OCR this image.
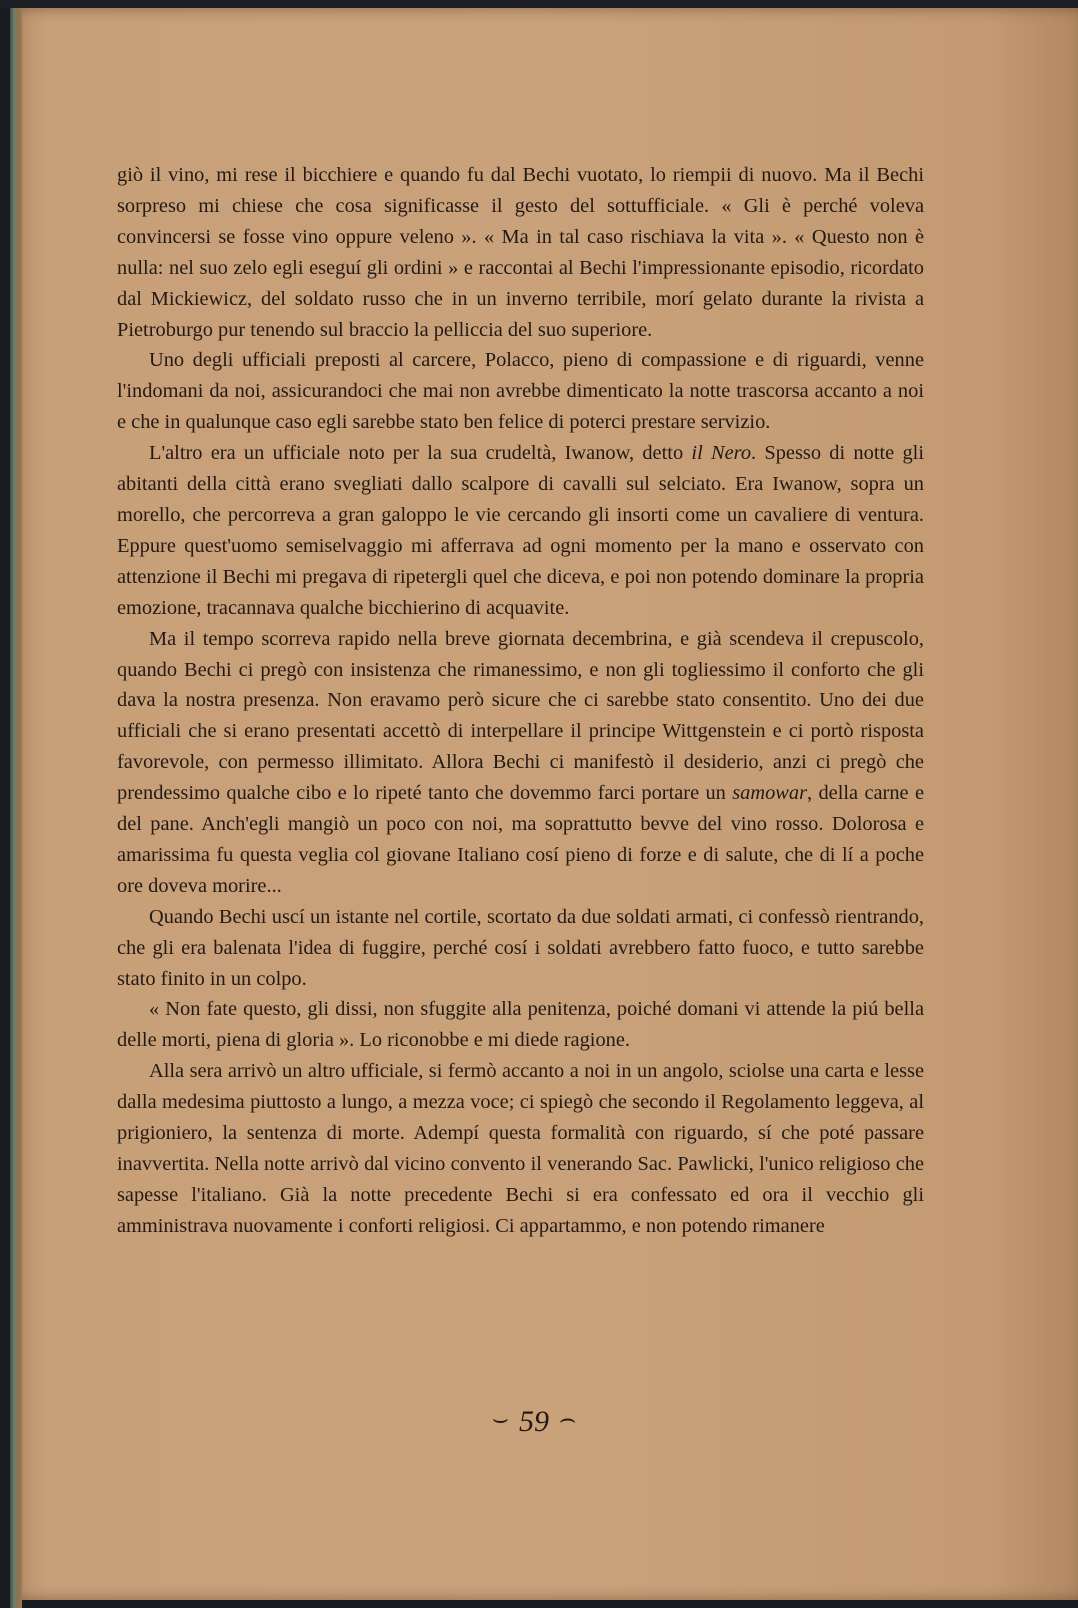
giò il vino, mi rese il bicchiere e quando fu dal Bechi vuotato, lo riempii di nuovo. Ma il Bechi sorpreso mi chiese che cosa significasse il gesto del sottufficiale. « Gli è perché voleva convincersi se fosse vino oppure veleno ». « Ma in tal caso rischiava la vita ». « Questo non è nulla: nel suo zelo egli eseguí gli ordini » e raccontai al Bechi l'impressionante episodio, ricordato dal Mickiewicz, del soldato russo che in un inverno terribile, morí gelato durante la rivista a Pietroburgo pur tenendo sul braccio la pelliccia del suo superiore.

Uno degli ufficiali preposti al carcere, Polacco, pieno di compassione e di riguardi, venne l'indomani da noi, assicurandoci che mai non avrebbe dimenticato la notte trascorsa accanto a noi e che in qualunque caso egli sarebbe stato ben felice di poterci prestare servizio.

L'altro era un ufficiale noto per la sua crudeltà, Iwanow, detto il Nero. Spesso di notte gli abitanti della città erano svegliati dallo scalpore di cavalli sul selciato. Era Iwanow, sopra un morello, che percorreva a gran galoppo le vie cercando gli insorti come un cavaliere di ventura. Eppure quest'uomo semiselvaggio mi afferrava ad ogni momento per la mano e osservato con attenzione il Bechi mi pregava di ripetergli quel che diceva, e poi non potendo dominare la propria emozione, tracannava qualche bicchierino di acquavite.

Ma il tempo scorreva rapido nella breve giornata decembrina, e già scendeva il crepuscolo, quando Bechi ci pregò con insistenza che rimanessimo, e non gli togliessimo il conforto che gli dava la nostra presenza. Non eravamo però sicure che ci sarebbe stato consentito. Uno dei due ufficiali che si erano presentati accettò di interpellare il principe Wittgenstein e ci portò risposta favorevole, con permesso illimitato. Allora Bechi ci manifestò il desiderio, anzi ci pregò che prendessimo qualche cibo e lo ripeté tanto che dovemmo farci portare un samowar, della carne e del pane. Anch'egli mangiò un poco con noi, ma soprattutto bevve del vino rosso. Dolorosa e amarissima fu questa veglia col giovane Italiano cosí pieno di forze e di salute, che di lí a poche ore doveva morire...

Quando Bechi uscí un istante nel cortile, scortato da due soldati armati, ci confessò rientrando, che gli era balenata l'idea di fuggire, perché cosí i soldati avrebbero fatto fuoco, e tutto sarebbe stato finito in un colpo.

« Non fate questo, gli dissi, non sfuggite alla penitenza, poiché domani vi attende la piú bella delle morti, piena di gloria ». Lo riconobbe e mi diede ragione.

Alla sera arrivò un altro ufficiale, si fermò accanto a noi in un angolo, sciolse una carta e lesse dalla medesima piuttosto a lungo, a mezza voce; ci spiegò che secondo il Regolamento leggeva, al prigioniero, la sentenza di morte. Adempí questa formalità con riguardo, sí che poté passare inavvertita. Nella notte arrivò dal vicino convento il venerando Sac. Pawlicki, l'unico religioso che sapesse l'italiano. Già la notte precedente Bechi si era confessato ed ora il vecchio gli amministrava nuovamente i conforti religiosi. Ci appartammo, e non potendo rimanere

⌣ 59 ⌢
